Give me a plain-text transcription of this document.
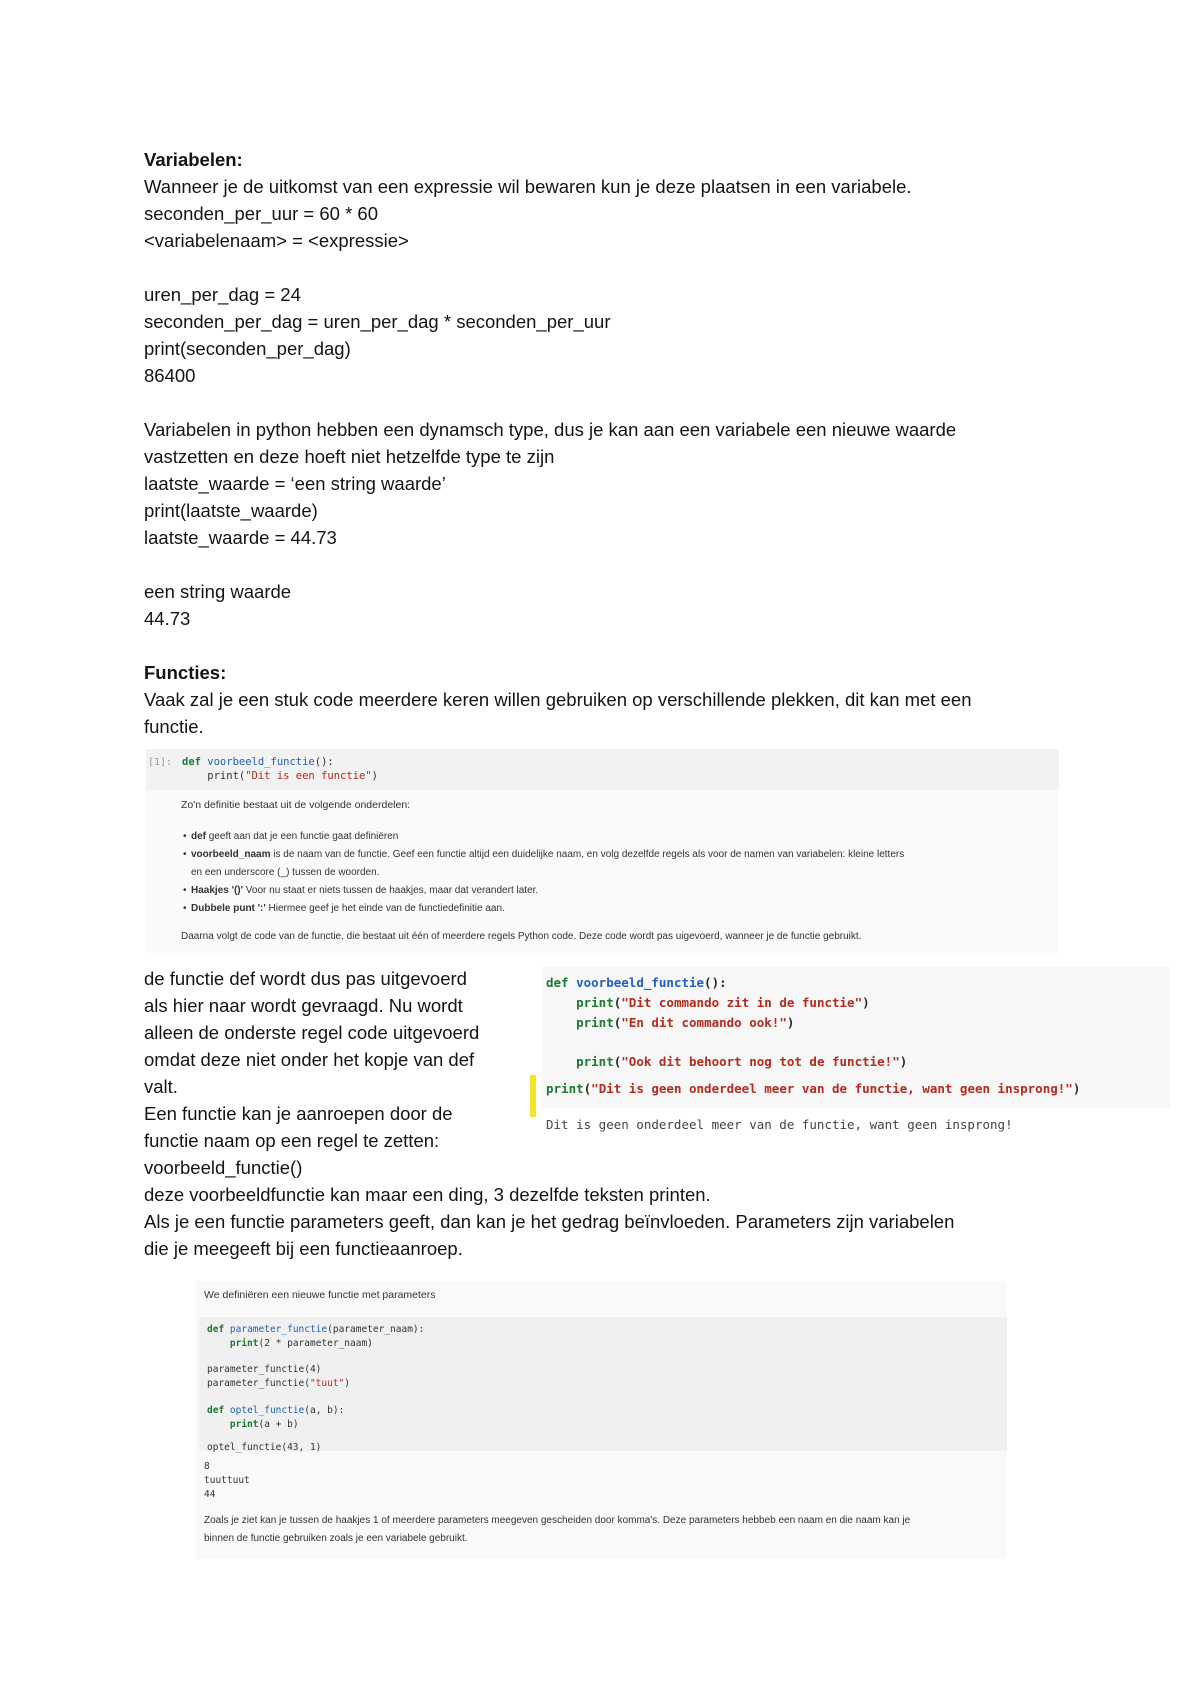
Variabelen:
Wanneer je de uitkomst van een expressie wil bewaren kun je deze plaatsen in een variabele.
seconden_per_uur = 60 * 60
<variabelenaam> = <expressie>
uren_per_dag = 24
seconden_per_dag = uren_per_dag * seconden_per_uur
print(seconden_per_dag)
86400
Variabelen in python hebben een dynamsch type, dus je kan aan een variabele een nieuwe waarde
vastzetten en deze hoeft niet hetzelfde type te zijn
laatste_waarde = ‘een string waarde’
print(laatste_waarde)
laatste_waarde = 44.73
een string waarde
44.73
Functies:
Vaak zal je een stuk code meerdere keren willen gebruiken op verschillende plekken, dit kan met een
functie.
[1]: def voorbeeld_functie():
print("Dit is een functie")
Zo'n definitie bestaat uit de volgende onderdelen:
• def geeft aan dat je een functie gaat definiëren
• voorbeeld_naam is de naam van de functie. Geef een functie altijd een duidelijke naam, en volg dezelfde regels als voor de namen van variabelen: kleine letters
en een underscore (_) tussen de woorden.
• Haakjes '()' Voor nu staat er niets tussen de haakjes, maar dat verandert later.
• Dubbele punt ':' Hiermee geef je het einde van de functiedefinitie aan.
Daarna volgt de code van de functie, die bestaat uit één of meerdere regels Python code. Deze code wordt pas uigevoerd, wanneer je de functie gebruikt.
de functie def wordt dus pas uitgevoerd
als hier naar wordt gevraagd. Nu wordt
alleen de onderste regel code uitgevoerd
omdat deze niet onder het kopje van def
valt.
Een functie kan je aanroepen door de
functie naam op een regel te zetten:
voorbeeld_functie()
deze voorbeeldfunctie kan maar een ding, 3 dezelfde teksten printen.
Als je een functie parameters geeft, dan kan je het gedrag beïnvloeden. Parameters zijn variabelen
die je meegeeft bij een functieaanroep.
def voorbeeld_functie():
print("Dit commando zit in de functie")
print("En dit commando ook!")
print("Ook dit behoort nog tot de functie!")
print("Dit is geen onderdeel meer van de functie, want geen insprong!")
Dit is geen onderdeel meer van de functie, want geen insprong!
We definiëren een nieuwe functie met parameters
def parameter_functie(parameter_naam):
print(2 * parameter_naam)
parameter_functie(4)
parameter_functie("tuut")
def optel_functie(a, b):
print(a + b)
optel_functie(43, 1)
8
tuuttuut
44
Zoals je ziet kan je tussen de haakjes 1 of meerdere parameters meegeven gescheiden door komma's. Deze parameters hebbeb een naam en die naam kan je
binnen de functie gebruiken zoals je een variabele gebruikt.
